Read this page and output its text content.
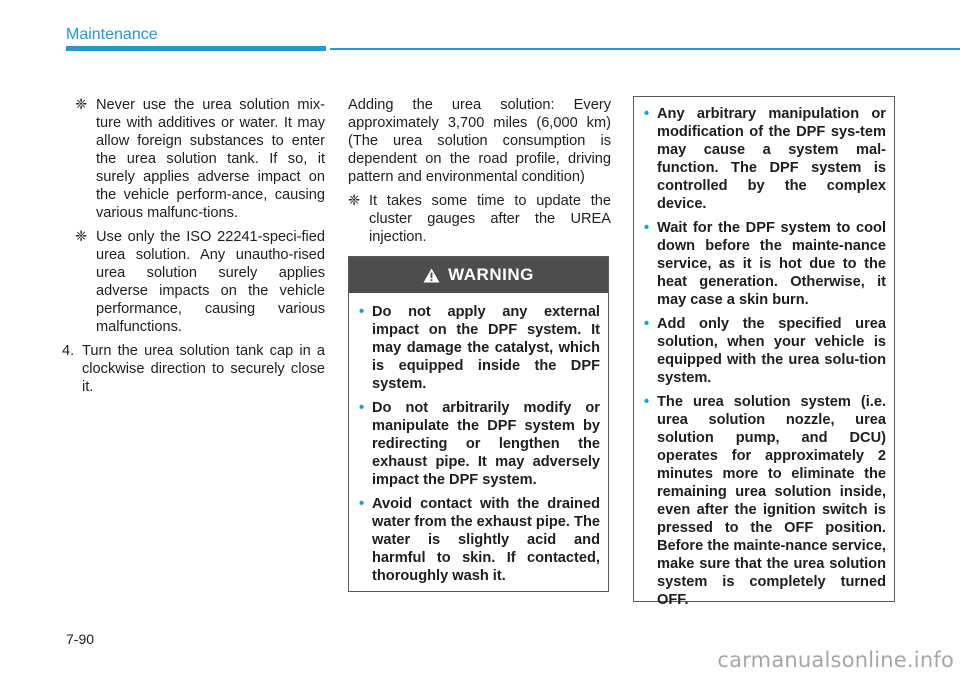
Maintenance
❈ Never use the urea solution mix-ture with additives or water. It may allow foreign substances to enter the urea solution tank. If so, it surely applies adverse impact on the vehicle perform-ance, causing various malfunc-tions.
❈ Use only the ISO 22241-speci-fied urea solution. Any unautho-rised urea solution surely applies adverse impacts on the vehicle performance, causing various malfunctions.
4. Turn the urea solution tank cap in a clockwise direction to securely close it.

Adding the urea solution: Every approximately 3,700 miles (6,000 km) (The urea solution consumption is dependent on the road profile, driving pattern and environmental condition)

❈ It takes some time to update the cluster gauges after the UREA injection.
WARNING
• Do not apply any external impact on the DPF system. It may damage the catalyst, which is equipped inside the DPF system.
• Do not arbitrarily modify or manipulate the DPF system by redirecting or lengthen the exhaust pipe. It may adversely impact the DPF system.
• Avoid contact with the drained water from the exhaust pipe. The water is slightly acid and harmful to skin. If contacted, thoroughly wash it.
• Any arbitrary manipulation or modification of the DPF sys-tem may cause a system mal-function. The DPF system is controlled by the complex device.
• Wait for the DPF system to cool down before the mainte-nance service, as it is hot due to the heat generation. Otherwise, it may case a skin burn.
• Add only the specified urea solution, when your vehicle is equipped with the urea solu-tion system.
• The urea solution system (i.e. urea solution nozzle, urea solution pump, and DCU) operates for approximately 2 minutes more to eliminate the remaining urea solution inside, even after the ignition switch is pressed to the OFF position. Before the mainte-nance service, make sure that the urea solution system is completely turned OFF.
7-90
carmanualsonline.info
